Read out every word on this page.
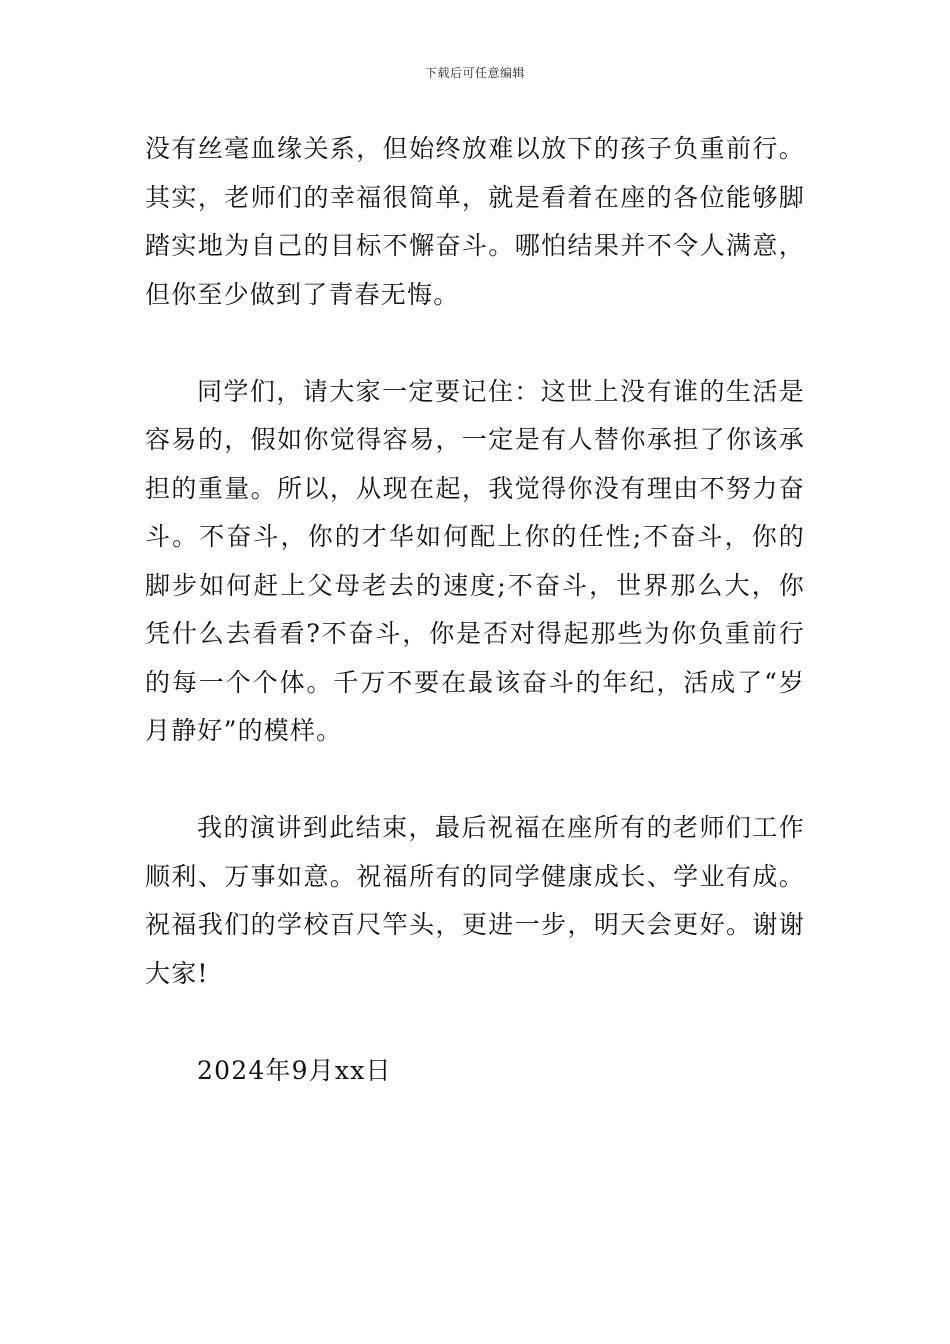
下载后可任意编辑

没有丝毫血缘关系，但始终放难以放下的孩子负重前行。其实，老师们的幸福很简单，就是看着在座的各位能够脚踏实地为自己的目标不懈奋斗。哪怕结果并不令人满意，但你至少做到了青春无悔。

同学们，请大家一定要记住：这世上没有谁的生活是容易的，假如你觉得容易，一定是有人替你承担了你该承担的重量。所以，从现在起，我觉得你没有理由不努力奋斗。不奋斗，你的才华如何配上你的任性;不奋斗，你的脚步如何赶上父母老去的速度;不奋斗，世界那么大，你凭什么去看看?不奋斗，你是否对得起那些为你负重前行的每一个个体。千万不要在最该奋斗的年纪，活成了“岁月静好”的模样。

我的演讲到此结束，最后祝福在座所有的老师们工作顺利、万事如意。祝福所有的同学健康成长、学业有成。祝福我们的学校百尺竿头，更进一步，明天会更好。谢谢大家!

2024年9月xx日
